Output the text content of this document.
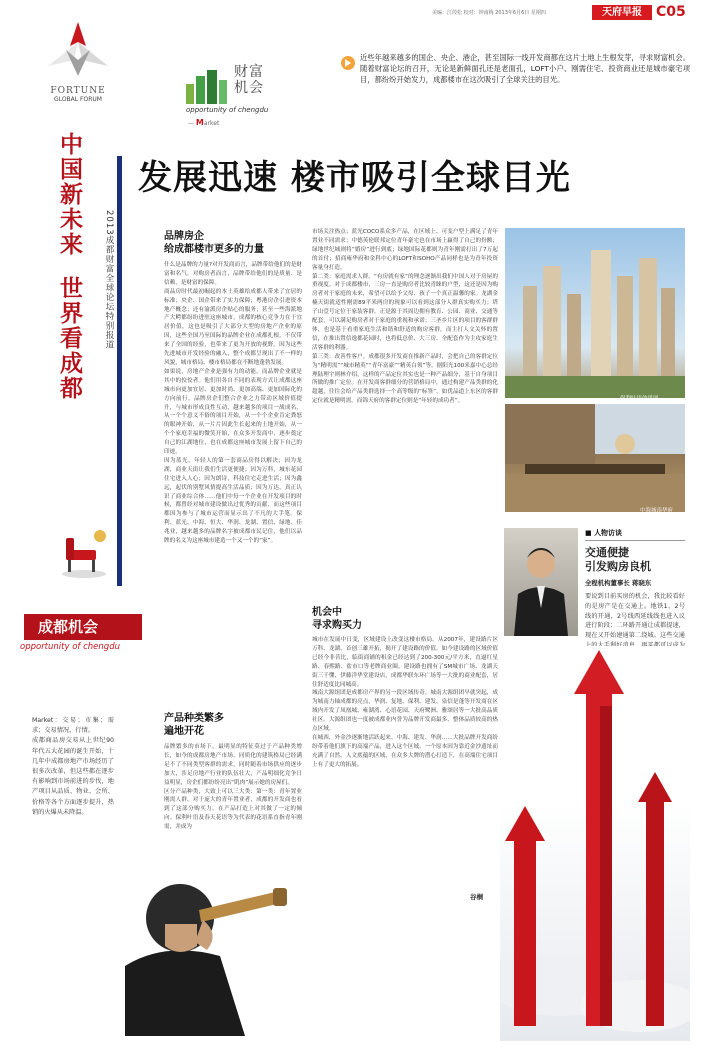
美编：江葭松 校对：钟南梅 2013年6月6日 星期四	天府早报	C05
FORTUNE
GLOBAL FORUM
中国新未来
世界看成都	2013成都财富全球论坛特别报道
成都机会
opportunity of chengdu
Market：交易；市集；需求；交易情况，行情。
成都商品房交易从上世纪90年代五大花园的诞生开始，十几年中成都房地产市场经历了很多次改革，但这些都在逐步有影响到市场前进的步伐，地产项目从品质、物业、会所、价格等各个方面逐步提升，热销的火爆从未降温。
财富机会
opportunity of chengdu
— Market
近些年越来越多的国企、央企、港企，甚至国际一线开发商都在这片土地上生根发芽，寻求财富机会。随着财富论坛的召开，无论是新鲜面孔还是老面孔，LOFT小户、刚需住宅、投资商业还是城市豪宅项目，都纷纷开始发力，成都楼市在这次吸引了全球关注的目光。
发展迅速 楼市吸引全球目光
品牌房企
给成都楼市更多的力量
什么是品牌的力量?对开发商而言，品牌带给他们的是财富和名气。对购房者而言，品牌带给他们的是质量、是信赖，是财富的保障。
商品房时代最初崛起的本土英雄给成都人带来了宜居的标准；央企、国企带来了实力保障；粤港房企引进资本地产概念；还有渝派房企贴心的服务；甚至一些海派地产大鳄都纷纷进驻这座城市。成都的核心竞争力在于宜居价值，这也是吸引了大部分大型的房地产企业的原因，这些全国乃至国际的品牌企业在成都扎根，不仅带来了全国的经验，也带来了更为开放的视野。因为这些先进城市开发经验的融入，整个成都呈现出了不一样的风貌，城市格局、楼市格局都在不断地蓬勃发展。
如果说，房地产企业是强有力的动能，而品牌企业就是其中的佼佼者。他们用各自不同的表现方式让成都这座城市向更加宜居、更加时尚、更加高端、更加国际化的方向前行。品牌房企们整合企业之力带动区域价值提升，与城市形成良性互动，越来越多的项目一战成名，从一个个意义不俗的项目开始，从一个个企业肯定粪怒的眼神开始，从一片片因此生长起来的土地开始，从一个个家庭幸福的微笑开始，在众多开发商中，逐步奠定自己的江湖地位，也在成都这座城市发展上留下自己的印迹。
因为蓝光，年轻人的第一套商品房得以解决；因为龙湖，商业天街让我们生活更便捷；因为万科，城东花园住宅进入人心；因为朗诗，科技住宅走进生活；因为鑫远，起伏的别墅风情提高生活品质；因为万达，真正认识了商业综合体……他们中每一个企业在开发项目的时候，都曾经对城市建设做出过优秀的贡献，而这些项目都因为参与了城市运营而显示出了不凡的大手笔。保利、蓝光、中海、恒大、华润、龙湖、置信、绿地、佳兆业，越来越多的品牌名字被成都市民记住，他们以品牌的名义为这座城市建造一个又一个的“家”。
产品种类繁多
遍地开花
品牌繁多的市场下，最明显的特征莫过于产品种类增长，如今的成都房地产市场，同质化的建筑格局已经满足不了不同类型客群的需求，同时随着市场供应的逐步加大，涉足房地产行业的队伍壮大，产品明细化竞争日益明显，房企们都纷纷亮出“肌肉”展示她的房屋们。
区分产品种类，大致上可以三大类：第一类：青年置业刚需人群。对于庞大的青年置业者，成都的开发商也看到了这部分购买力，在产品打造上对其做了一定的倾向。保利叶语及春天花语等为代表的花语系直指青年刚需，并成为
市场关注热点；蓝光COCO系众多产品，在区域上、可变户型上满足了青年置业不同需求；中德英伦联邦定位青年豪宅也在市场上赢得了自己的份额；绿地世纪城则将“婚房”进行到底；绿地国际花都则为青年刚需打出了7万起的首付；招商雍华府和金科中心的LOFT和SOHO产品同样也是为青年投资客量身打造。
第二类：家庭需求人群。“有房就有家”的理念逐渐出我们中国人对于房屋的重视度。对于成都楼市，三房一直是购房者比较青睐的户型，这还是因为购房者对于家庭的未来，希望可以给予父母、孩子一个真正温馨的家。龙湖金楠天街就适性刚需89平米两房的现象可以看到这部分人群真实购买力；塔子山壹号定位于家装客群，正是源于其周边拥有教育、公园、商业、交通等配套，可以满足购房者对于家庭的重视和承诺；三圣乡片区的项目的客群群体，也是基于看重家庭生活和谐和舒适的购房客群，而主打人文关怀的置信，在推出置信逸都花园时，也将低总价、大三房、全配套作为主攻家庭生活客群的利器。
第三类：改善性客户。成都很多开发商在推新产品时，会把自己的客群定位为“精明需”“城市精英”“青年富豪”“精英白领”等。据阳光100米嘉中心总经理陆理宇则林介绍，这样的产品定位其实也是一种产品细分，基于自身项目所做的推广定位。在开发商客群细分的营销格局中，通过构建产品类群的化超越，往往会给产品类群选择一个高等级的“标签”，如优品道上东区的客群定位就是精明需，而锦天府的客群定位则是“年轻的成功者”。
机会中
寻求购买力
城市在发展中日变，区域建设上改变这楼市格局。从2007年，建设路片区万科、龙湖、首创三雄开拓，揭开了建设路的价值。如今建设路的区域价值已经今非昔比，临街商铺的租金已经达到了200-300元/平方米，直逼红星路、春熙路、盐市口等老牌商业圈。建设路也拥有了SM城市广场、龙湖天街三千懂、伊藤洋华堂建设店，成都华联东环广场等一大批的商业配套，居住舒适度比同城高。
城南大源组团是成都房产界的另一段区域传奇。城南大源组团早就突起，成为城南力轴成都的亮点，华润、复地、保利、建发、泉信是蓬等开发商在区域内开发了凤凰城、雍湖湾、心语花园、天府鹭洲、雅颂居等一大批高品质社区。大源组团也一度被成都业内誉为品牌开发商最多、整体品质较高的热点区域。
在城西，外金沙逐渐地活跃起来。中海、建发、华润……大批品牌开发商纷纷带着他们旗下的高端产品，进入这个区域。一个原本因为靠近金沙遗址而充满了自然、人文底蕴的区域，在众多大牌的潜心打造下，在高端住宅项目上有了更大的拓展。
谷桐
保利叶语效果图
中海城南华府
■ 人物访谈
交通便捷
引发购房良机
全程机构董事长 蒋晓东
要说到目前买房的机会，我比较看好的是房产是在交通上。地铁1、2号线的开通，2号线西延线线也进入议进行阶段；二环路开通让成都提速，现在又开始建通第二绕城。这些交通
